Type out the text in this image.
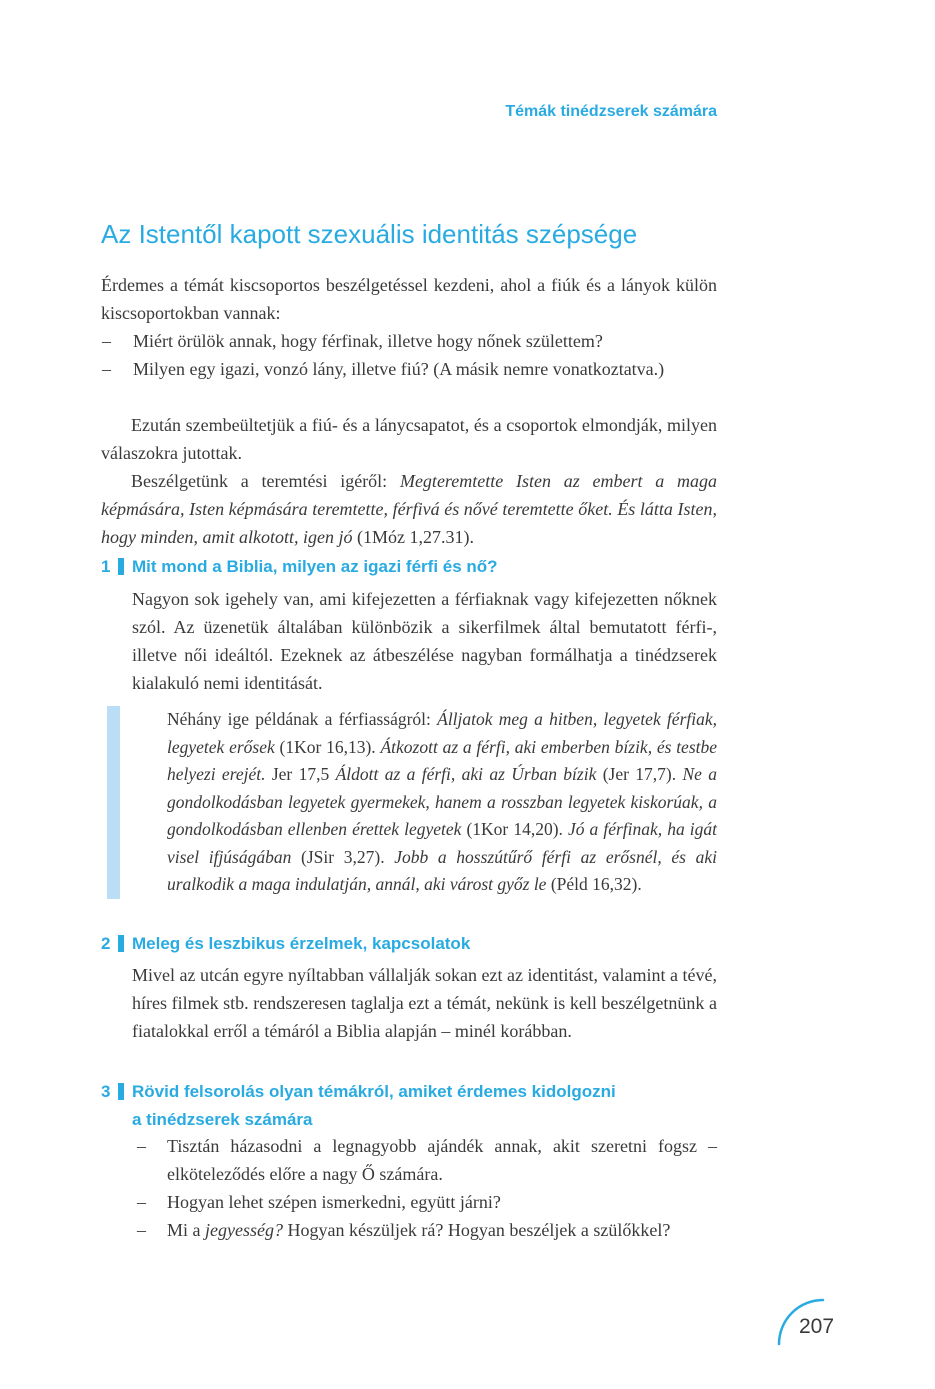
Témák tinédzserek számára
Az Istentől kapott szexuális identitás szépsége

Érdemes a témát kiscsoportos beszélgetéssel kezdeni, ahol a fiúk és a lányok külön kiscsoportokban vannak:

– Miért örülök annak, hogy férfinak, illetve hogy nőnek születtem?
– Milyen egy igazi, vonzó lány, illetve fiú? (A másik nemre vonatkoztatva.)

Ezután szembeültetjük a fiú- és a lánycsapatot, és a csoportok elmondják, milyen válaszokra jutottak.

Beszélgetünk a teremtési igéről: Megteremtette Isten az embert a maga képmására, Isten képmására teremtette, férfivá és nővé teremtette őket. És látta Isten, hogy minden, amit alkotott, igen jó (1Móz 1,27.31).

1	Mit mond a Biblia, milyen az igazi férfi és nő?

Nagyon sok igehely van, ami kifejezetten a férfiaknak vagy kifejezetten nőknek szól. Az üzenetük általában különbözik a sikerfilmek által bemutatott férfi-, illetve női ideáltól. Ezeknek az átbeszélése nagyban formálhatja a tinédzserek kialakuló nemi identitását.

Néhány ige példának a férfiasságról: Álljatok meg a hitben, legyetek férfiak, legyetek erősek (1Kor 16,13). Átkozott az a férfi, aki emberben bízik, és testbe helyezi erejét. Jer 17,5 Áldott az a férfi, aki az Úrban bízik (Jer 17,7). Ne a gondolkodásban legyetek gyermekek, hanem a rosszban legyetek kiskorúak, a gondolkodásban ellenben érettek legyetek (1Kor 14,20). Jó a férfinak, ha igát visel ifjúságában (JSir 3,27). Jobb a hosszútűrő férfi az erősnél, és aki uralkodik a maga indulatján, annál, aki várost győz le (Péld 16,32).

2	Meleg és leszbikus érzelmek, kapcsolatok

Mivel az utcán egyre nyíltabban vállalják sokan ezt az identitást, valamint a tévé, híres filmek stb. rendszeresen taglalja ezt a témát, nekünk is kell beszélgetnünk a fiatalokkal erről a témáról a Biblia alapján – minél korábban.

3	Rövid felsorolás olyan témákról, amiket érdemes kidolgozni
a tinédzserek számára
– Tisztán házasodni a legnagyobb ajándék annak, akit szeretni fogsz – elköteleződés előre a nagy Ő számára.
– Hogyan lehet szépen ismerkedni, együtt járni?
– Mi a jegyesség? Hogyan készüljek rá? Hogyan beszéljek a szülőkkel?
207
